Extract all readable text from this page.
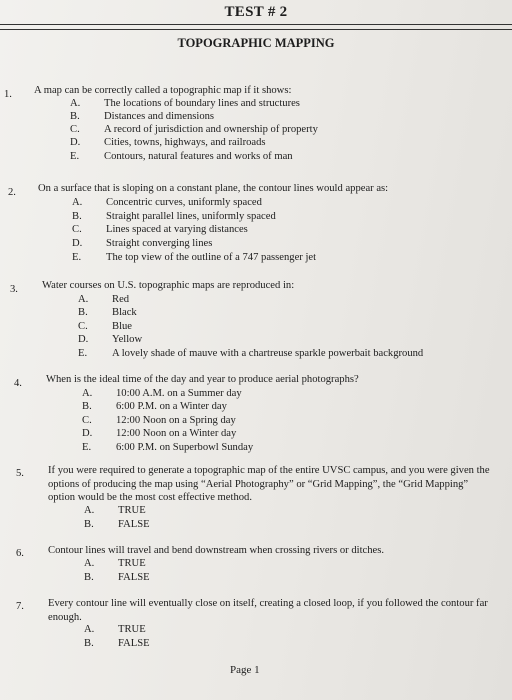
TEST # 2
TOPOGRAPHIC MAPPING
1.	A map can be correctly called a topographic map if it shows:
A. The locations of boundary lines and structures
B. Distances and dimensions
C. A record of jurisdiction and ownership of property
D. Cities, towns, highways, and railroads
E. Contours, natural features and works of man
2.	On a surface that is sloping on a constant plane, the contour lines would appear as:
A. Concentric curves, uniformly spaced
B. Straight parallel lines, uniformly spaced
C. Lines spaced at varying distances
D. Straight converging lines
E. The top view of the outline of a 747 passenger jet
3.	Water courses on U.S. topographic maps are reproduced in:
A. Red
B. Black
C. Blue
D. Yellow
E. A lovely shade of mauve with a chartreuse sparkle powerbait background
4.	When is the ideal time of the day and year to produce aerial photographs?
A. 10:00 A.M. on a Summer day
B. 6:00 P.M. on a Winter day
C. 12:00 Noon on a Spring day
D. 12:00 Noon on a Winter day
E. 6:00 P.M. on Superbowl Sunday
5.	If you were required to generate a topographic map of the entire UVSC campus, and you were given the options of producing the map using “Aerial Photography” or “Grid Mapping”, the “Grid Mapping” option would be the most cost effective method.
A. TRUE
B. FALSE
6.	Contour lines will travel and bend downstream when crossing rivers or ditches.
A. TRUE
B. FALSE
7.	Every contour line will eventually close on itself, creating a closed loop, if you followed the contour far enough.
A. TRUE
B. FALSE
Page 1
